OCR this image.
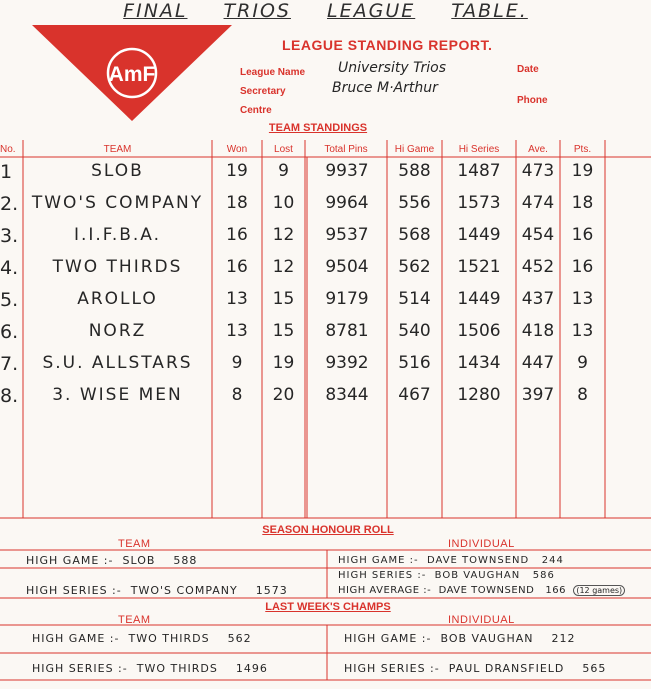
FINAL TRIOS LEAGUE TABLE.
AmF
LEAGUE STANDING REPORT.
League Name University Trios
Secretary	Bruce M·Arthur
Centre
Date
Phone
TEAM STANDINGS
No.	TEAM	Won	Lost	Total Pins	Hi Game	Hi Series	Ave.	Pts.
1	SLOB	19	9	9937	588	1487	473	19
2. TWO'S COMPANY	18	10	9964	556	1573	474	18
3.	I.I.F.B.A.	16	12	9537	568	1449	454	16
4.	TWO THIRDS	16	12	9504	562	1521	452	16
5.	AROLLO	13	15	9179	514	1449	437	13
6.	NORZ	13	15	8781	540	1506	418	13
7.	S.U. ALLSTARS	9	19	9392	516	1434	447	9
8.	3. WISE MEN	8	20	8344	467	1280	397	8
SEASON HONOUR ROLL
TEAM	INDIVIDUAL
HIGH GAME :- SLOB 588
HIGH SERIES :- TWO'S COMPANY 1573
HIGH GAME :- DAVE TOWNSEND 244
HIGH SERIES :- BOB VAUGHAN 586
HIGH AVERAGE :- DAVE TOWNSEND 166 (12 games)
LAST WEEK'S CHAMPS
TEAM	INDIVIDUAL
HIGH GAME :- TWO THIRDS 562
HIGH SERIES :- TWO THIRDS 1496
HIGH GAME :- BOB VAUGHAN 212
HIGH SERIES :- PAUL DRANSFIELD 565
